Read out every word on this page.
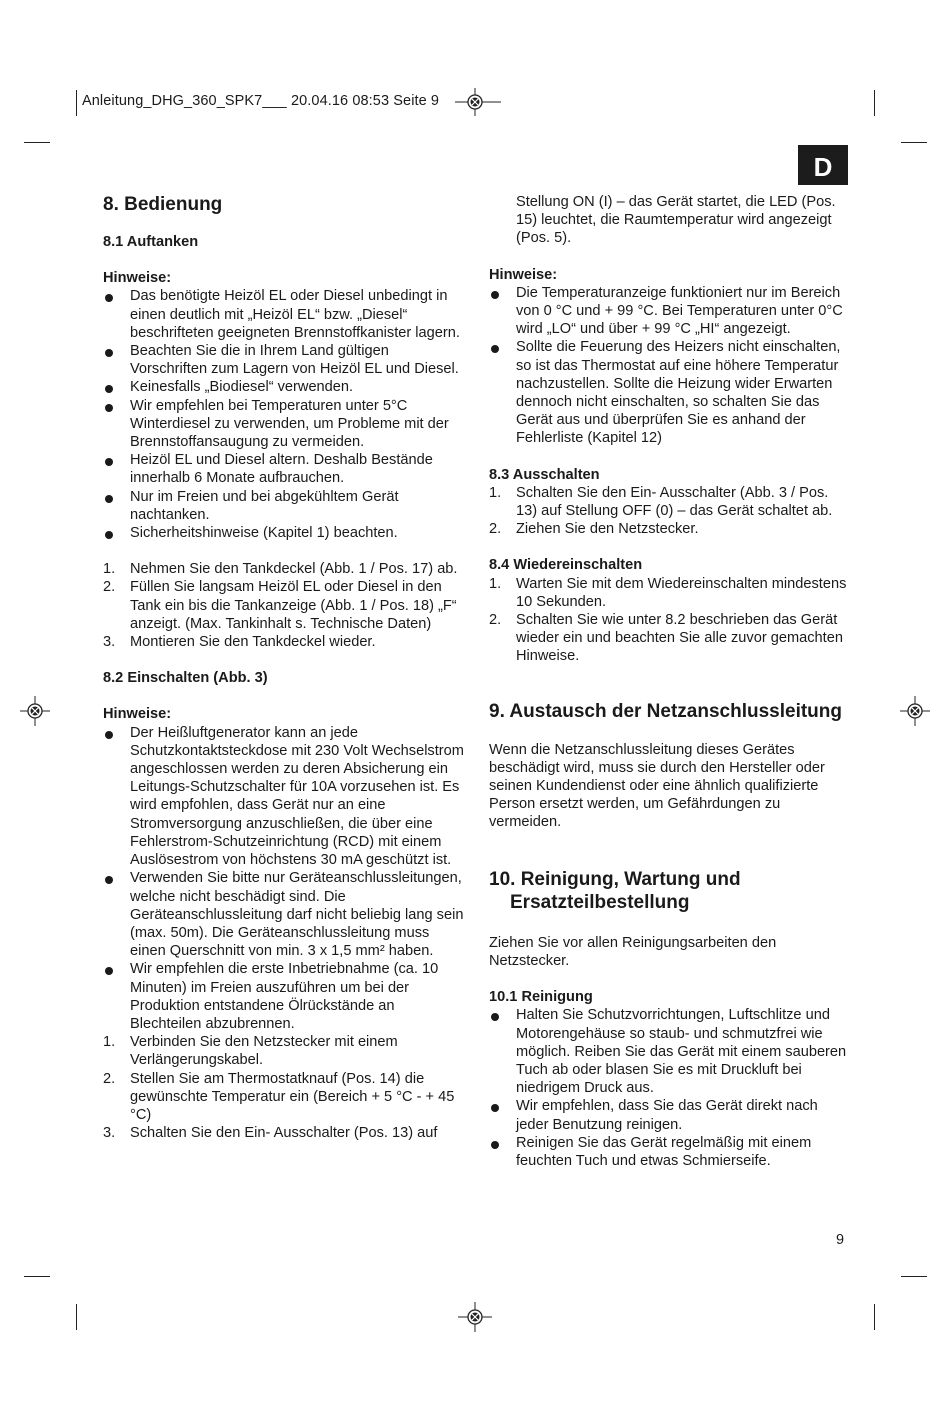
Anleitung_DHG_360_SPK7___ 20.04.16 08:53 Seite 9
D
8. Bedienung
8.1 Auftanken

Hinweise:

Das benötigte Heizöl EL oder Diesel unbedingt in einen deutlich mit „Heizöl EL“ bzw. „Diesel“ beschrifteten geeigneten Brennstoffkanister lagern.
Beachten Sie die in Ihrem Land gültigen Vorschriften zum Lagern von Heizöl EL und Diesel.
Keinesfalls „Biodiesel“ verwenden.
Wir empfehlen bei Temperaturen unter 5°C Winterdiesel zu verwenden, um Probleme mit der Brennstoffansaugung zu vermeiden.
Heizöl EL und Diesel altern. Deshalb Bestände innerhalb 6 Monate aufbrauchen.
Nur im Freien und bei abgekühltem Gerät nachtanken.
Sicherheitshinweise (Kapitel 1) beachten.
1. Nehmen Sie den Tankdeckel (Abb. 1 / Pos. 17) ab.
2. Füllen Sie langsam Heizöl EL oder Diesel in den Tank ein bis die Tankanzeige (Abb. 1 / Pos. 18) „F“ anzeigt. (Max. Tankinhalt s. Technische Daten)
3. Montieren Sie den Tankdeckel wieder.
8.2 Einschalten (Abb. 3)

Hinweise:

Der Heißluftgenerator kann an jede Schutzkontaktsteckdose mit 230 Volt Wechselstrom angeschlossen werden zu deren Absicherung ein Leitungs-Schutzschalter für 10A vorzusehen ist. Es wird empfohlen, dass Gerät nur an eine Stromversorgung anzuschließen, die über eine Fehlerstrom-Schutzeinrichtung (RCD) mit einem Auslösestrom von höchstens 30 mA geschützt ist.
Verwenden Sie bitte nur Geräteanschlussleitungen, welche nicht beschädigt sind. Die Geräteanschlussleitung darf nicht beliebig lang sein (max. 50m). Die Geräteanschlussleitung muss einen Querschnitt von min. 3 x 1,5 mm² haben.
Wir empfehlen die erste Inbetriebnahme (ca. 10 Minuten) im Freien auszuführen um bei der Produktion entstandene Ölrückstände an Blechteilen abzubrennen.
1. Verbinden Sie den Netzstecker mit einem Verlängerungskabel.
2. Stellen Sie am Thermostatknauf (Pos. 14) die gewünschte Temperatur ein (Bereich + 5 °C - + 45 °C)
3. Schalten Sie den Ein- Ausschalter (Pos. 13) auf

Stellung ON (I) – das Gerät startet, die LED (Pos. 15) leuchtet, die Raumtemperatur wird angezeigt (Pos. 5).

Hinweise:

Die Temperaturanzeige funktioniert nur im Bereich von 0 °C und + 99 °C. Bei Temperaturen unter 0°C wird „LO“ und über + 99 °C „HI“ angezeigt.
Sollte die Feuerung des Heizers nicht einschalten, so ist das Thermostat auf eine höhere Temperatur nachzustellen. Sollte die Heizung wider Erwarten dennoch nicht einschalten, so schalten Sie das Gerät aus und überprüfen Sie es anhand der Fehlerliste (Kapitel 12)
8.3 Ausschalten
1. Schalten Sie den Ein- Ausschalter (Abb. 3 / Pos. 13) auf Stellung OFF (0) – das Gerät schaltet ab.
2. Ziehen Sie den Netzstecker.
8.4 Wiedereinschalten
1. Warten Sie mit dem Wiedereinschalten mindestens 10 Sekunden.
2. Schalten Sie wie unter 8.2 beschrieben das Gerät wieder ein und beachten Sie alle zuvor gemachten Hinweise.
9. Austausch der Netzanschlussleitung

Wenn die Netzanschlussleitung dieses Gerätes beschädigt wird, muss sie durch den Hersteller oder seinen Kundendienst oder eine ähnlich qualifizierte Person ersetzt werden, um Gefährdungen zu vermeiden.

10. Reinigung, Wartung und
Ersatzteilbestellung

Ziehen Sie vor allen Reinigungsarbeiten den Netzstecker.

10.1 Reinigung
Halten Sie Schutzvorrichtungen, Luftschlitze und Motorengehäuse so staub- und schmutzfrei wie möglich. Reiben Sie das Gerät mit einem sauberen Tuch ab oder blasen Sie es mit Druckluft bei niedrigem Druck aus.
Wir empfehlen, dass Sie das Gerät direkt nach jeder Benutzung reinigen.
Reinigen Sie das Gerät regelmäßig mit einem feuchten Tuch und etwas Schmierseife.
9
